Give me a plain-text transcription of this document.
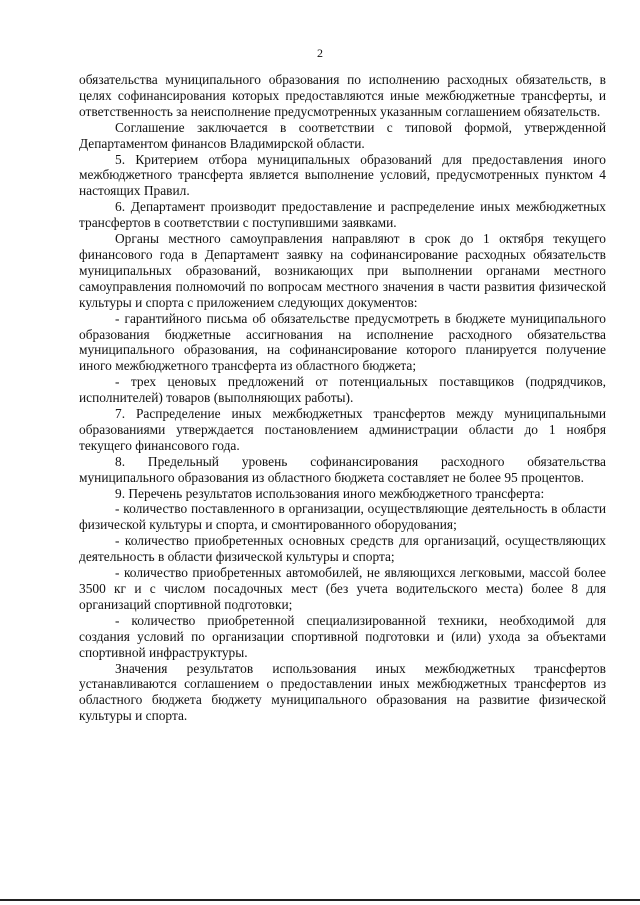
2

обязательства муниципального образования по исполнению расходных обязательств, в целях софинансирования которых предоставляются иные межбюджетные трансферты, и ответственность за неисполнение предусмотренных указанным соглашением обязательств.

Соглашение заключается в соответствии с типовой формой, утвержденной Департаментом финансов Владимирской области.

5. Критерием отбора муниципальных образований для предоставления иного межбюджетного трансферта является выполнение условий, предусмотренных пунктом 4 настоящих Правил.

6. Департамент производит предоставление и распределение иных межбюджетных трансфертов в соответствии с поступившими заявками.

Органы местного самоуправления направляют в срок до 1 октября текущего финансового года в Департамент заявку на софинансирование расходных обязательств муниципальных образований, возникающих при выполнении органами местного самоуправления полномочий по вопросам местного значения в части развития физической культуры и спорта с приложением следующих документов:

- гарантийного письма об обязательстве предусмотреть в бюджете муниципального образования бюджетные ассигнования на исполнение расходного обязательства муниципального образования, на софинансирование которого планируется получение иного межбюджетного трансферта из областного бюджета;

- трех ценовых предложений от потенциальных поставщиков (подрядчиков, исполнителей) товаров (выполняющих работы).

7. Распределение иных межбюджетных трансфертов между муниципальными образованиями утверждается постановлением администрации области до 1 ноября текущего финансового года.

8. Предельный уровень софинансирования расходного обязательства муниципального образования из областного бюджета составляет не более 95 процентов.

9. Перечень результатов использования иного межбюджетного трансферта:

- количество поставленного в организации, осуществляющие деятельность в области физической культуры и спорта, и смонтированного оборудования;

- количество приобретенных основных средств для организаций, осуществляющих деятельность в области физической культуры и спорта;

- количество приобретенных автомобилей, не являющихся легковыми, массой более 3500 кг и с числом посадочных мест (без учета водительского места) более 8 для организаций спортивной подготовки;

- количество приобретенной специализированной техники, необходимой для создания условий по организации спортивной подготовки и (или) ухода за объектами спортивной инфраструктуры.

Значения результатов использования иных межбюджетных трансфертов устанавливаются соглашением о предоставлении иных межбюджетных трансфертов из областного бюджета бюджету муниципального образования на развитие физической культуры и спорта.
